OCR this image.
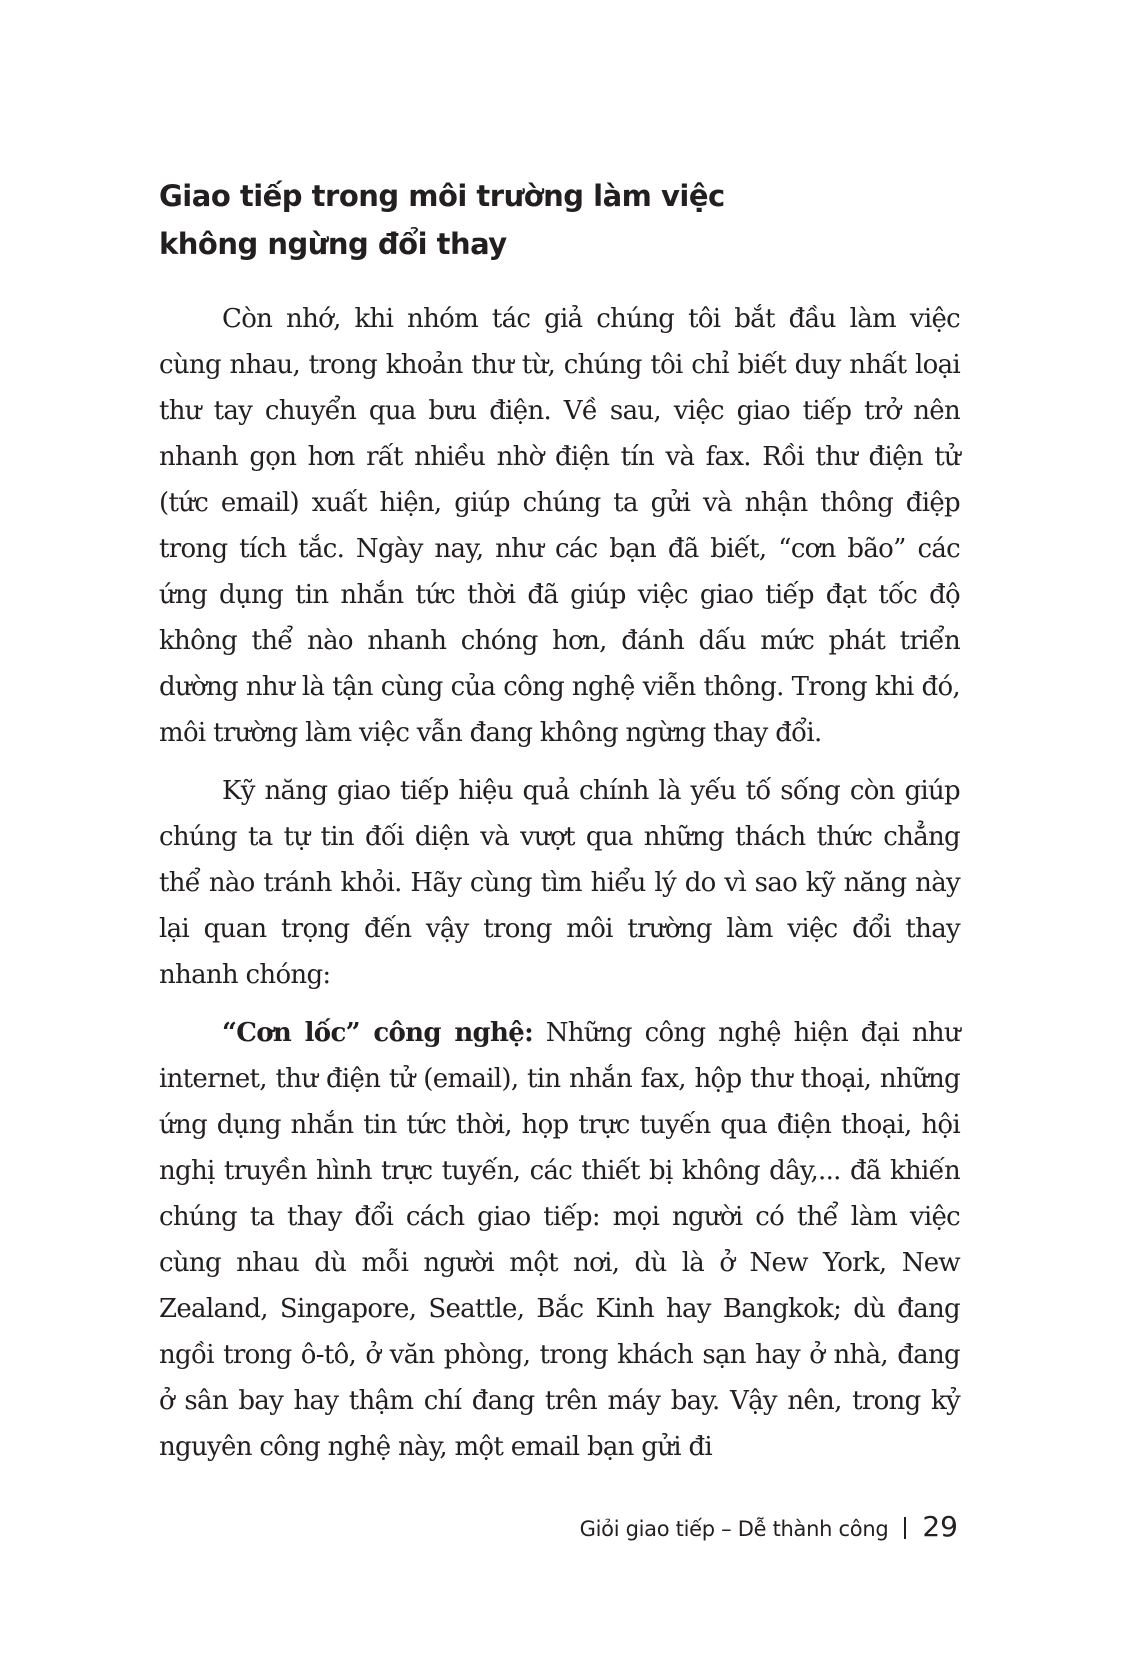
Giao tiếp trong môi trường làm việc
không ngừng đổi thay

Còn nhớ, khi nhóm tác giả chúng tôi bắt đầu làm việc cùng nhau, trong khoản thư từ, chúng tôi chỉ biết duy nhất loại thư tay chuyển qua bưu điện. Về sau, việc giao tiếp trở nên nhanh gọn hơn rất nhiều nhờ điện tín và fax. Rồi thư điện tử (tức email) xuất hiện, giúp chúng ta gửi và nhận thông điệp trong tích tắc. Ngày nay, như các bạn đã biết, “cơn bão” các ứng dụng tin nhắn tức thời đã giúp việc giao tiếp đạt tốc độ không thể nào nhanh chóng hơn, đánh dấu mức phát triển dường như là tận cùng của công nghệ viễn thông. Trong khi đó, môi trường làm việc vẫn đang không ngừng thay đổi.

Kỹ năng giao tiếp hiệu quả chính là yếu tố sống còn giúp chúng ta tự tin đối diện và vượt qua những thách thức chẳng thể nào tránh khỏi. Hãy cùng tìm hiểu lý do vì sao kỹ năng này lại quan trọng đến vậy trong môi trường làm việc đổi thay nhanh chóng:

“Cơn lốc” công nghệ: Những công nghệ hiện đại như internet, thư điện tử (email), tin nhắn fax, hộp thư thoại, những ứng dụng nhắn tin tức thời, họp trực tuyến qua điện thoại, hội nghị truyền hình trực tuyến, các thiết bị không dây,... đã khiến chúng ta thay đổi cách giao tiếp: mọi người có thể làm việc cùng nhau dù mỗi người một nơi, dù là ở New York, New Zealand, Singapore, Seattle, Bắc Kinh hay Bangkok; dù đang ngồi trong ô-tô, ở văn phòng, trong khách sạn hay ở nhà, đang ở sân bay hay thậm chí đang trên máy bay. Vậy nên, trong kỷ nguyên công nghệ này, một email bạn gửi đi

Giỏi giao tiếp – Dễ thành công 29
